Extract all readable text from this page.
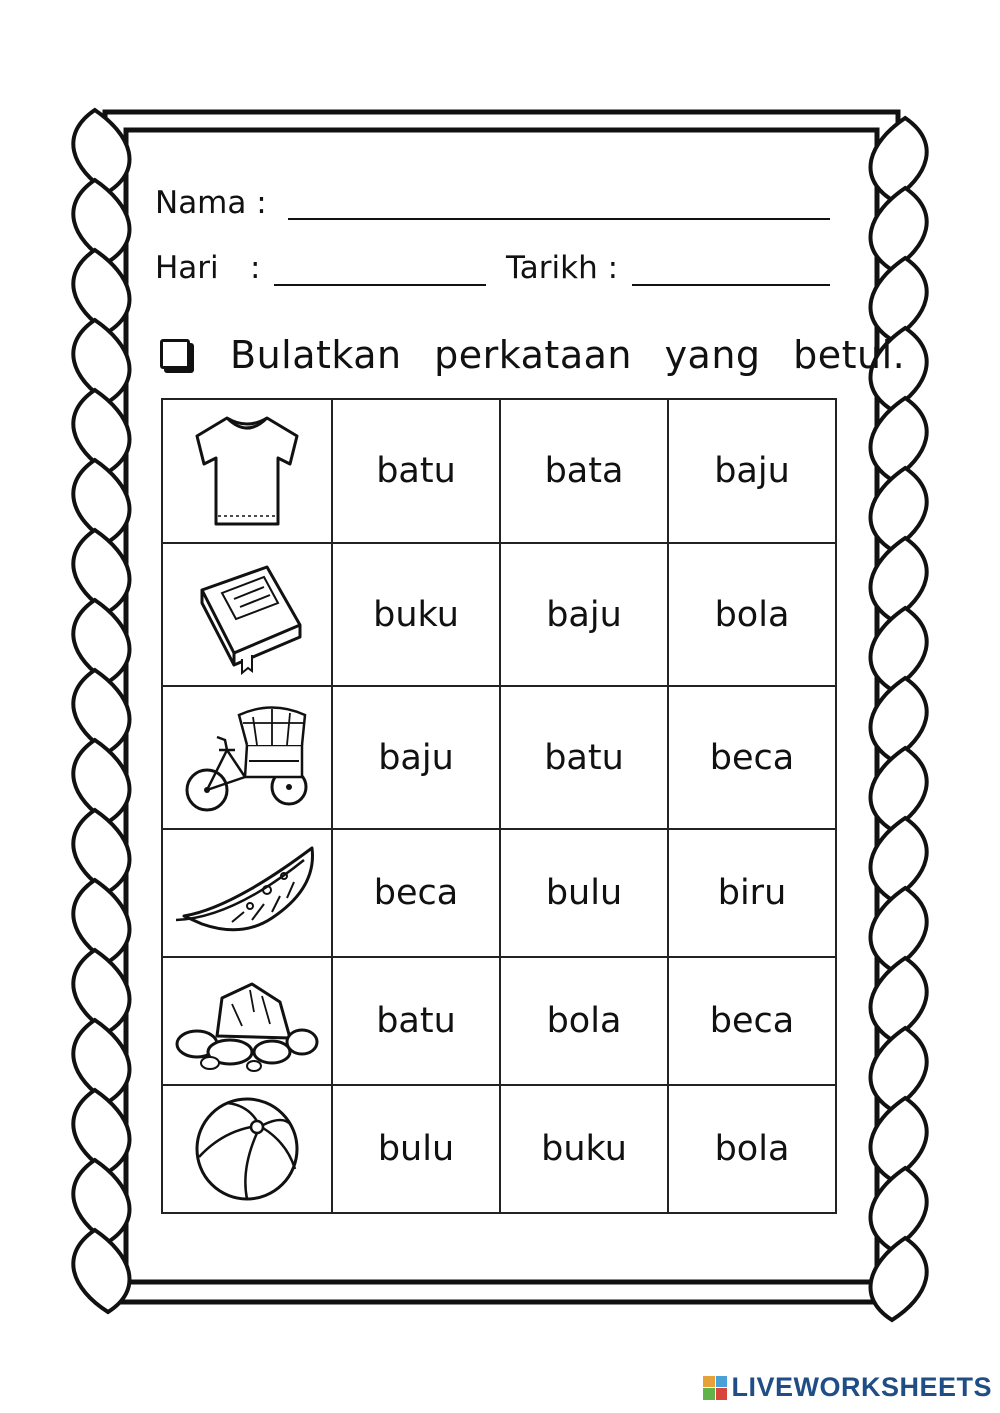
Nama :
Hari :	Tarikh :
Bulatkan perkataan yang betul.
	batu	bata	baju

	buku	baju	bola

	baju	batu	beca

	beca	bulu	biru

	batu	bola	beca

	bulu	buku	bola
LIVEWORKSHEETS
